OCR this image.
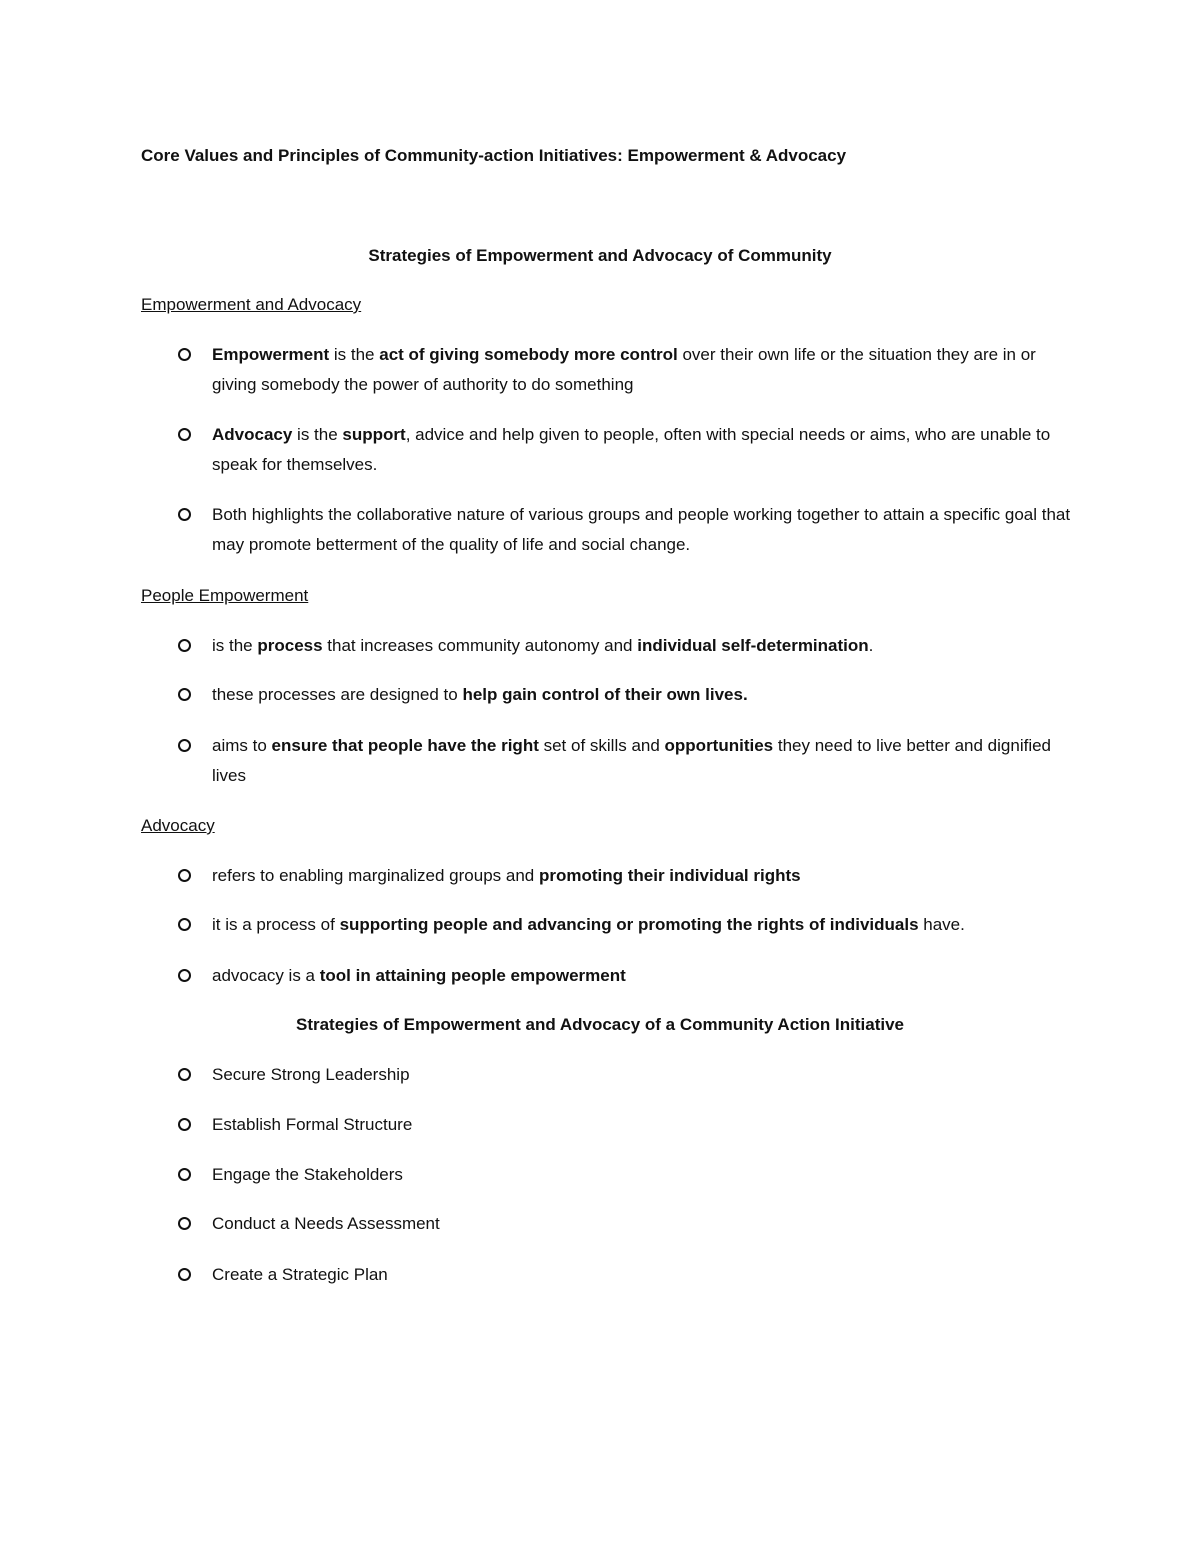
Core Values and Principles of Community-action Initiatives: Empowerment & Advocacy
Strategies of Empowerment and Advocacy of Community
Empowerment and Advocacy
Empowerment is the act of giving somebody more control over their own life or the situation they are in or giving somebody the power of authority to do something
Advocacy is the support, advice and help given to people, often with special needs or aims, who are unable to speak for themselves.
Both highlights the collaborative nature of various groups and people working together to attain a specific goal that may promote betterment of the quality of life and social change.
People Empowerment
is the process that increases community autonomy and individual self-determination.
these processes are designed to help gain control of their own lives.
aims to ensure that people have the right set of skills and opportunities they need to live better and dignified lives
Advocacy
refers to enabling marginalized groups and promoting their individual rights
it is a process of supporting people and advancing or promoting the rights of individuals have.
advocacy is a tool in attaining people empowerment
Strategies of Empowerment and Advocacy of a Community Action Initiative
Secure Strong Leadership
Establish Formal Structure
Engage the Stakeholders
Conduct a Needs Assessment
Create a Strategic Plan
